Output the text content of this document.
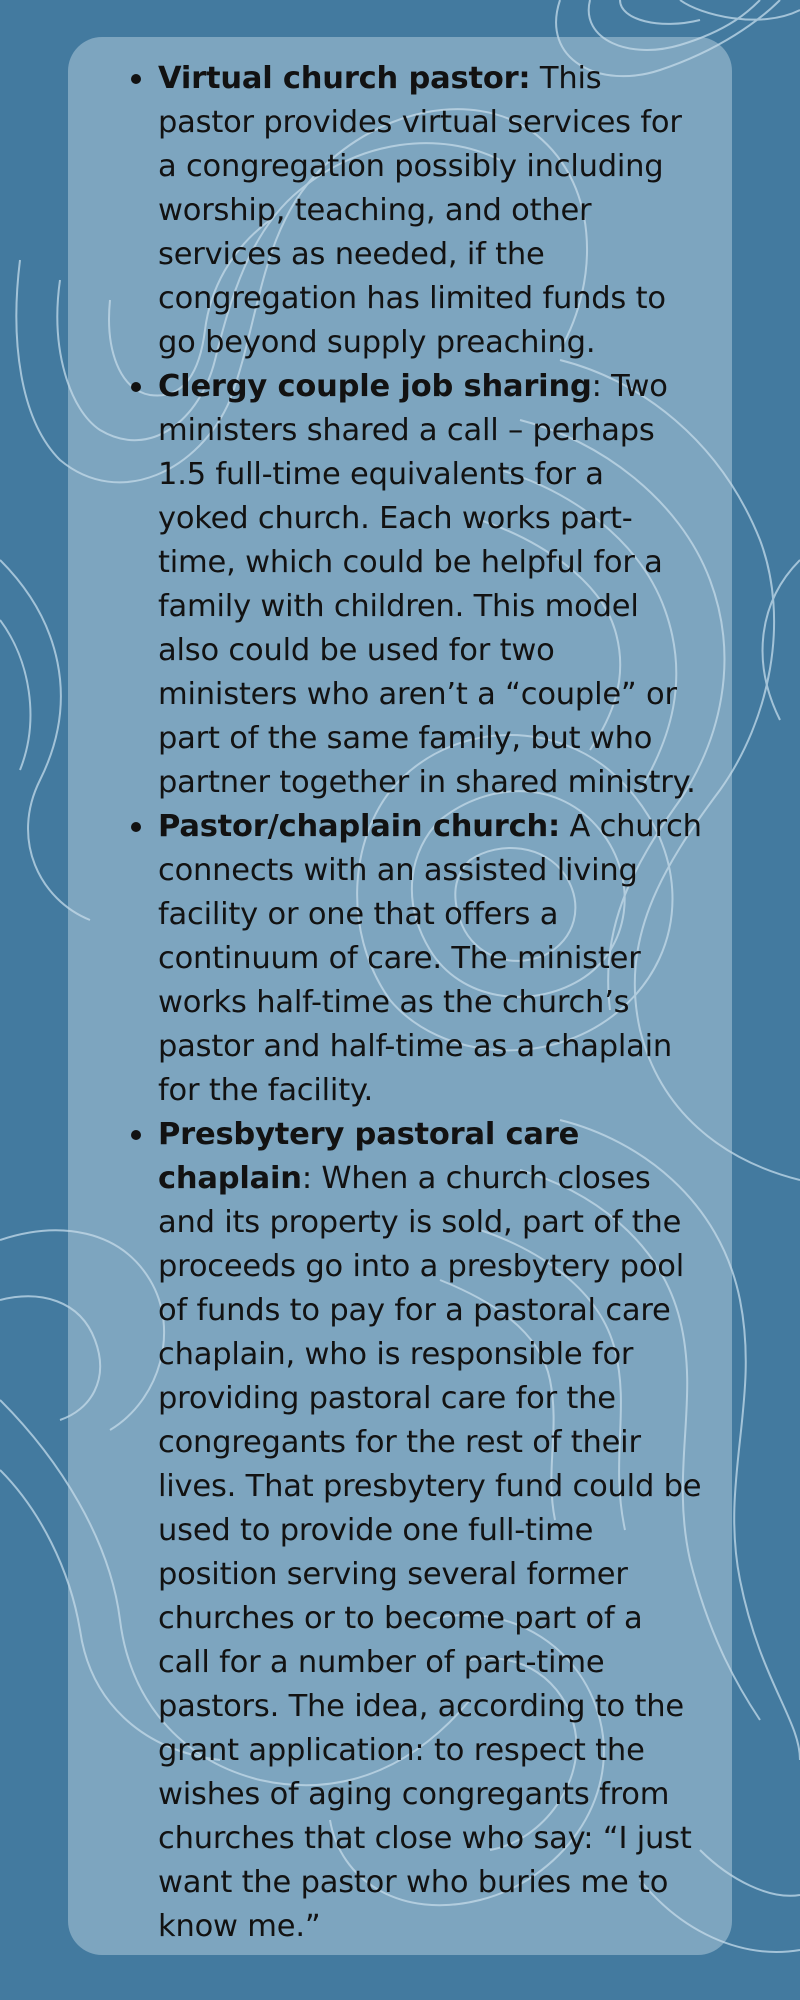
Virtual church pastor: This pastor provides virtual services for a congregation possibly including worship, teaching, and other services as needed, if the congregation has limited funds to go beyond supply preaching.
Clergy couple job sharing: Two ministers shared a call – perhaps 1.5 full-time equivalents for a yoked church. Each works part-time, which could be helpful for a family with children. This model also could be used for two ministers who aren’t a “couple” or part of the same family, but who partner together in shared ministry.
Pastor/chaplain church: A church connects with an assisted living facility or one that offers a continuum of care. The minister works half-time as the church’s pastor and half-time as a chaplain for the facility.
Presbytery pastoral care chaplain: When a church closes and its property is sold, part of the proceeds go into a presbytery pool of funds to pay for a pastoral care chaplain, who is responsible for providing pastoral care for the congregants for the rest of their lives. That presbytery fund could be used to provide one full-time position serving several former churches or to become part of a call for a number of part-time pastors. The idea, according to the grant application: to respect the wishes of aging congregants from churches that close who say: “I just want the pastor who buries me to know me.”
